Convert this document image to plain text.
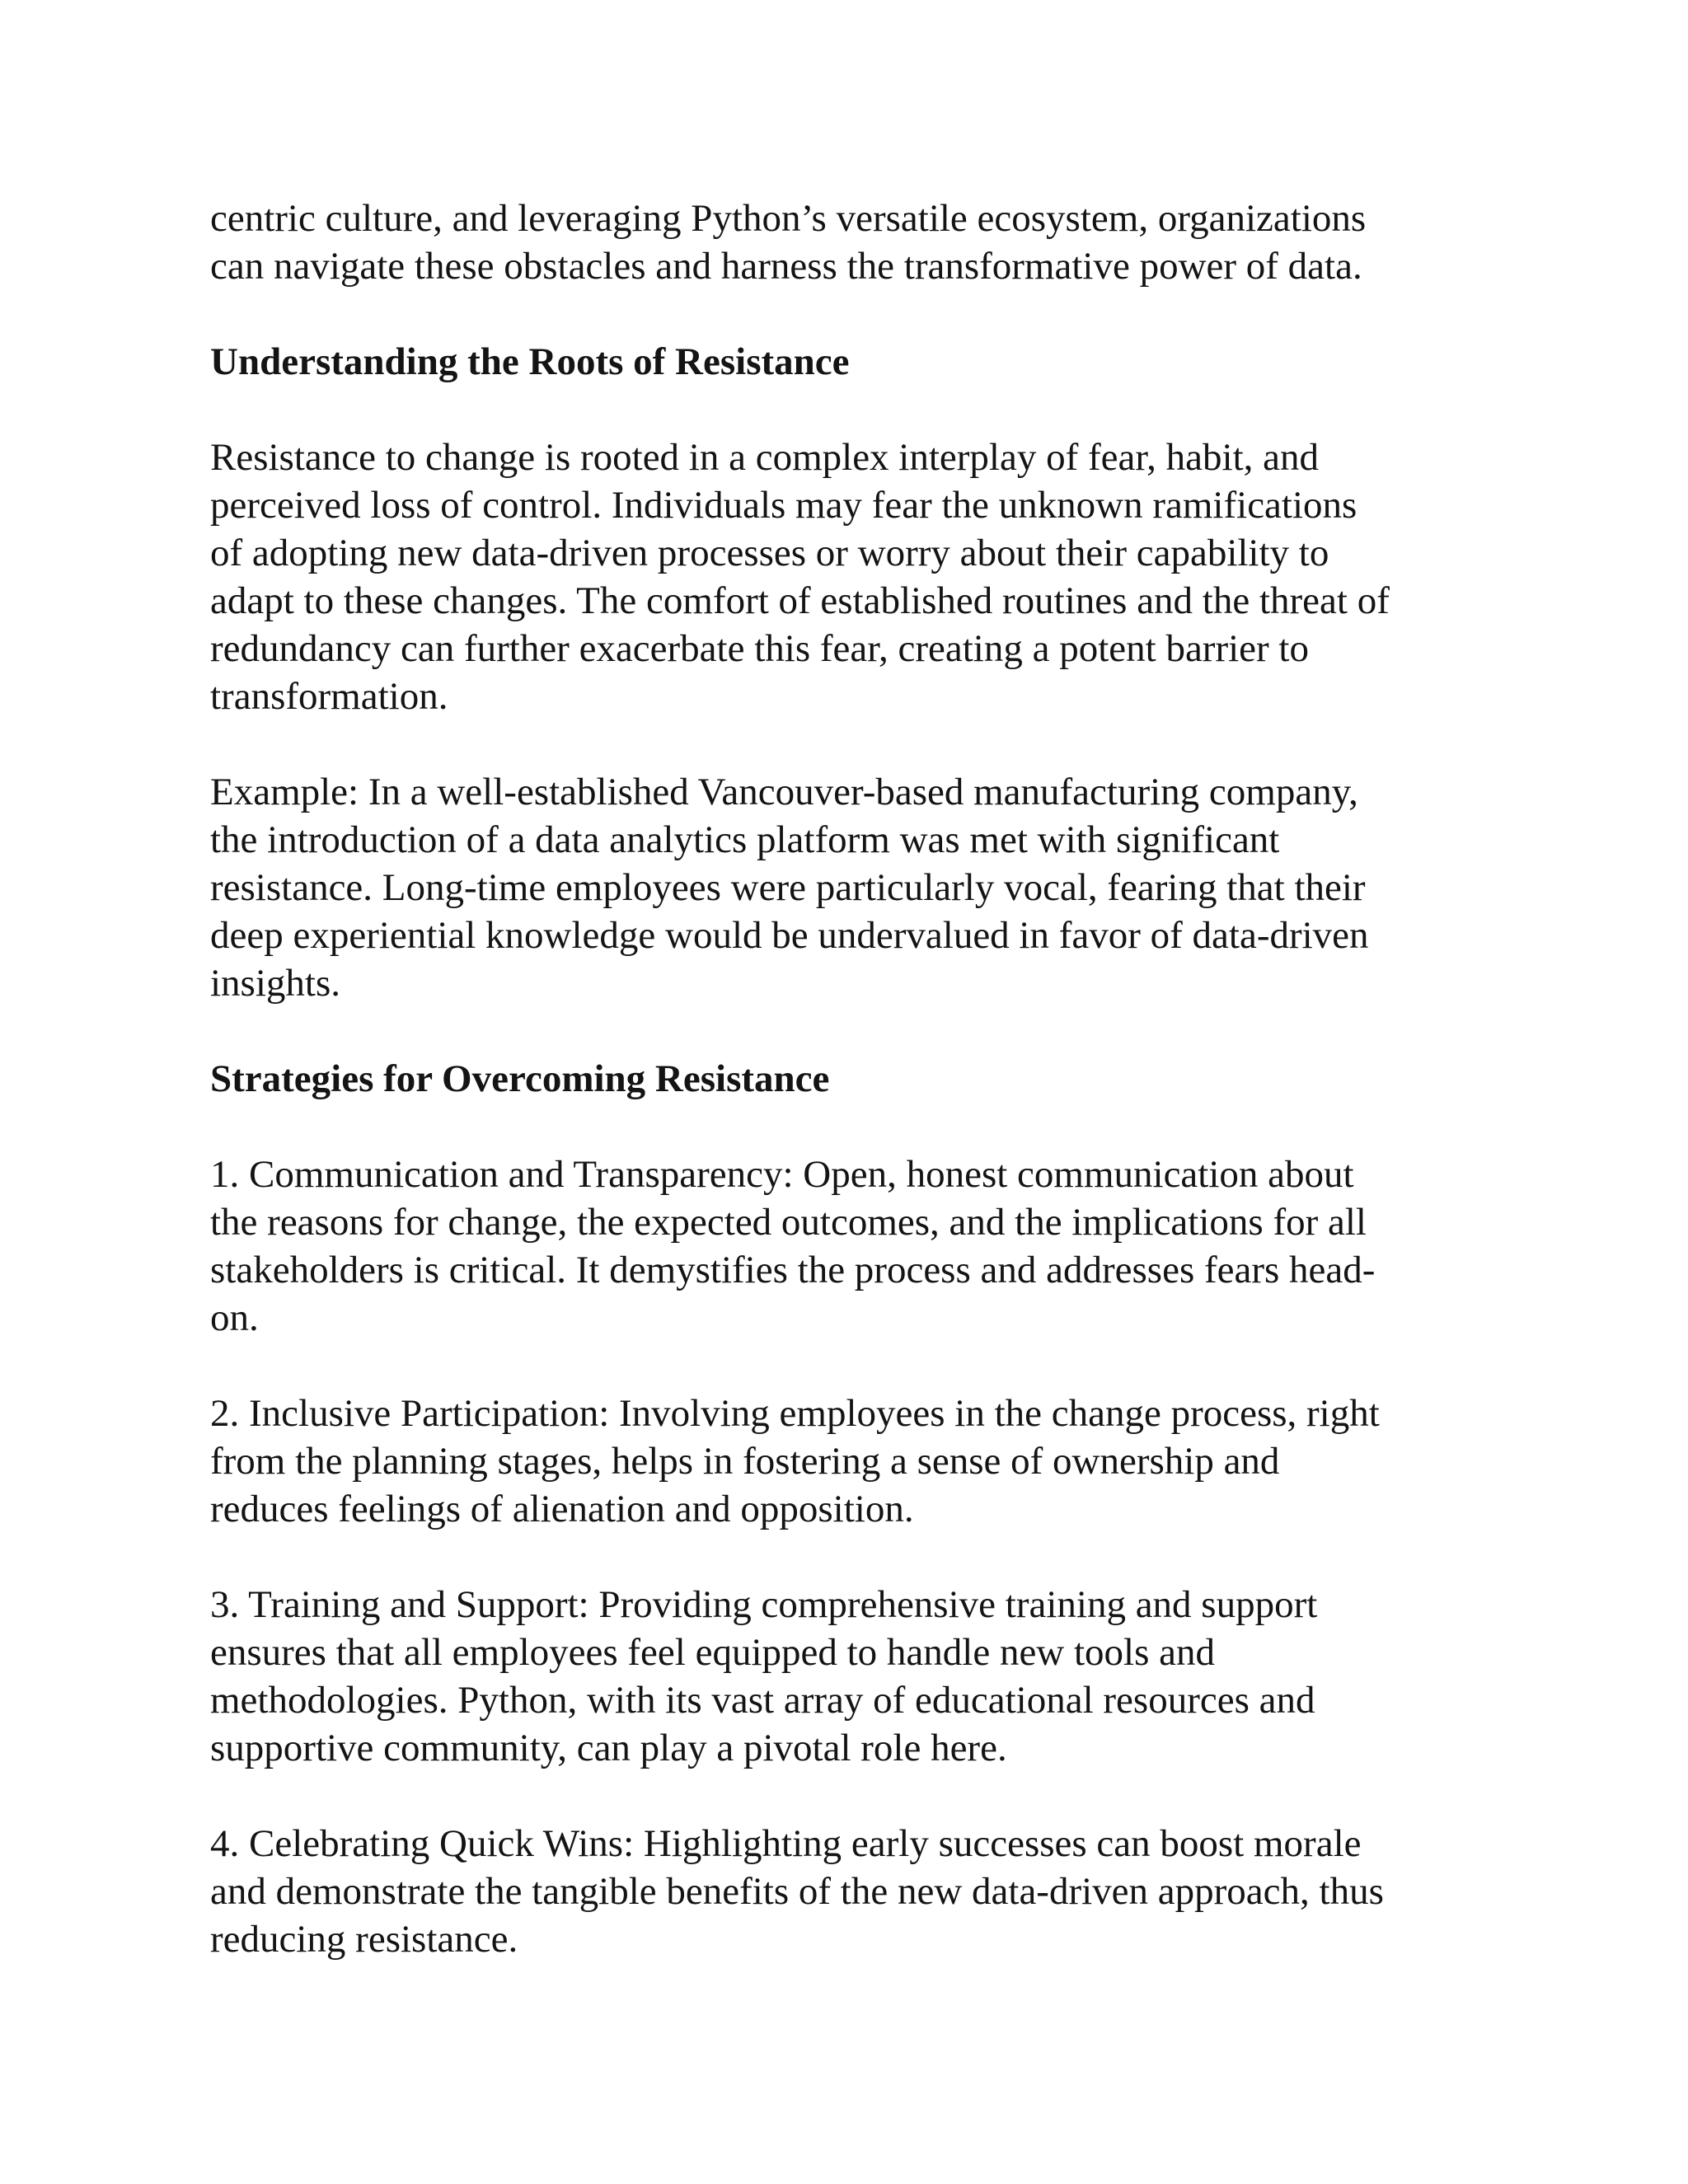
centric culture, and leveraging Python’s versatile ecosystem, organizations
can navigate these obstacles and harness the transformative power of data.

Understanding the Roots of Resistance

Resistance to change is rooted in a complex interplay of fear, habit, and
perceived loss of control. Individuals may fear the unknown ramifications
of adopting new data-driven processes or worry about their capability to
adapt to these changes. The comfort of established routines and the threat of
redundancy can further exacerbate this fear, creating a potent barrier to
transformation.

Example: In a well-established Vancouver-based manufacturing company,
the introduction of a data analytics platform was met with significant
resistance. Long-time employees were particularly vocal, fearing that their
deep experiential knowledge would be undervalued in favor of data-driven
insights.

Strategies for Overcoming Resistance

1. Communication and Transparency: Open, honest communication about
the reasons for change, the expected outcomes, and the implications for all
stakeholders is critical. It demystifies the process and addresses fears head-
on.

2. Inclusive Participation: Involving employees in the change process, right
from the planning stages, helps in fostering a sense of ownership and
reduces feelings of alienation and opposition.

3. Training and Support: Providing comprehensive training and support
ensures that all employees feel equipped to handle new tools and
methodologies. Python, with its vast array of educational resources and
supportive community, can play a pivotal role here.

4. Celebrating Quick Wins: Highlighting early successes can boost morale
and demonstrate the tangible benefits of the new data-driven approach, thus
reducing resistance.
